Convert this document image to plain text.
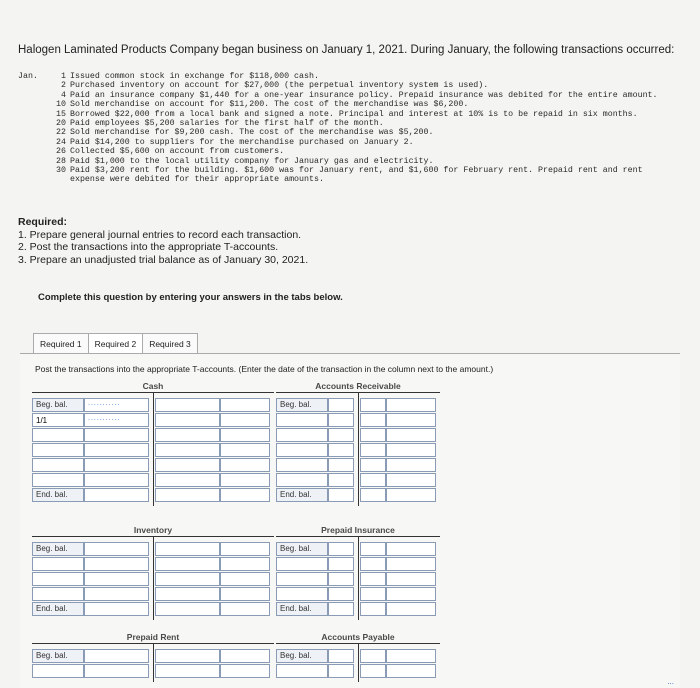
Halogen Laminated Products Company began business on January 1, 2021. During January, the following transactions occurred:
Jan.	1 Issued common stock in exchange for $118,000 cash.
2 Purchased inventory on account for $27,000 (the perpetual inventory system is used).
4 Paid an insurance company $1,440 for a one-year insurance policy. Prepaid insurance was debited for the entire amount.
10 Sold merchandise on account for $11,200. The cost of the merchandise was $6,200.
15 Borrowed $22,000 from a local bank and signed a note. Principal and interest at 10% is to be repaid in six months.
20 Paid employees $5,200 salaries for the first half of the month.
22 Sold merchandise for $9,200 cash. The cost of the merchandise was $5,200.
24 Paid $14,200 to suppliers for the merchandise purchased on January 2.
26 Collected $5,600 on account from customers.
28 Paid $1,000 to the local utility company for January gas and electricity.
30 Paid $3,200 rent for the building. $1,600 was for January rent, and $1,600 for February rent. Prepaid rent and rent expense were debited for their appropriate amounts.
Required:
1. Prepare general journal entries to record each transaction.
2. Post the transactions into the appropriate T-accounts.
3. Prepare an unadjusted trial balance as of January 30, 2021.
Complete this question by entering your answers in the tabs below.
Required 1	Required 2	Required 3
...
Post the transactions into the appropriate T-accounts. (Enter the date of the transaction in the column next to the amount.)
Cash
Beg. bal.	...........
1/1
...........
End. bal.
Accounts Receivable
Beg. bal.
End. bal.
Inventory
Beg. bal.
End. bal.
Prepaid Insurance
Beg. bal.
End. bal.
Prepaid Rent
Beg. bal.
Accounts Payable
Beg. bal.
